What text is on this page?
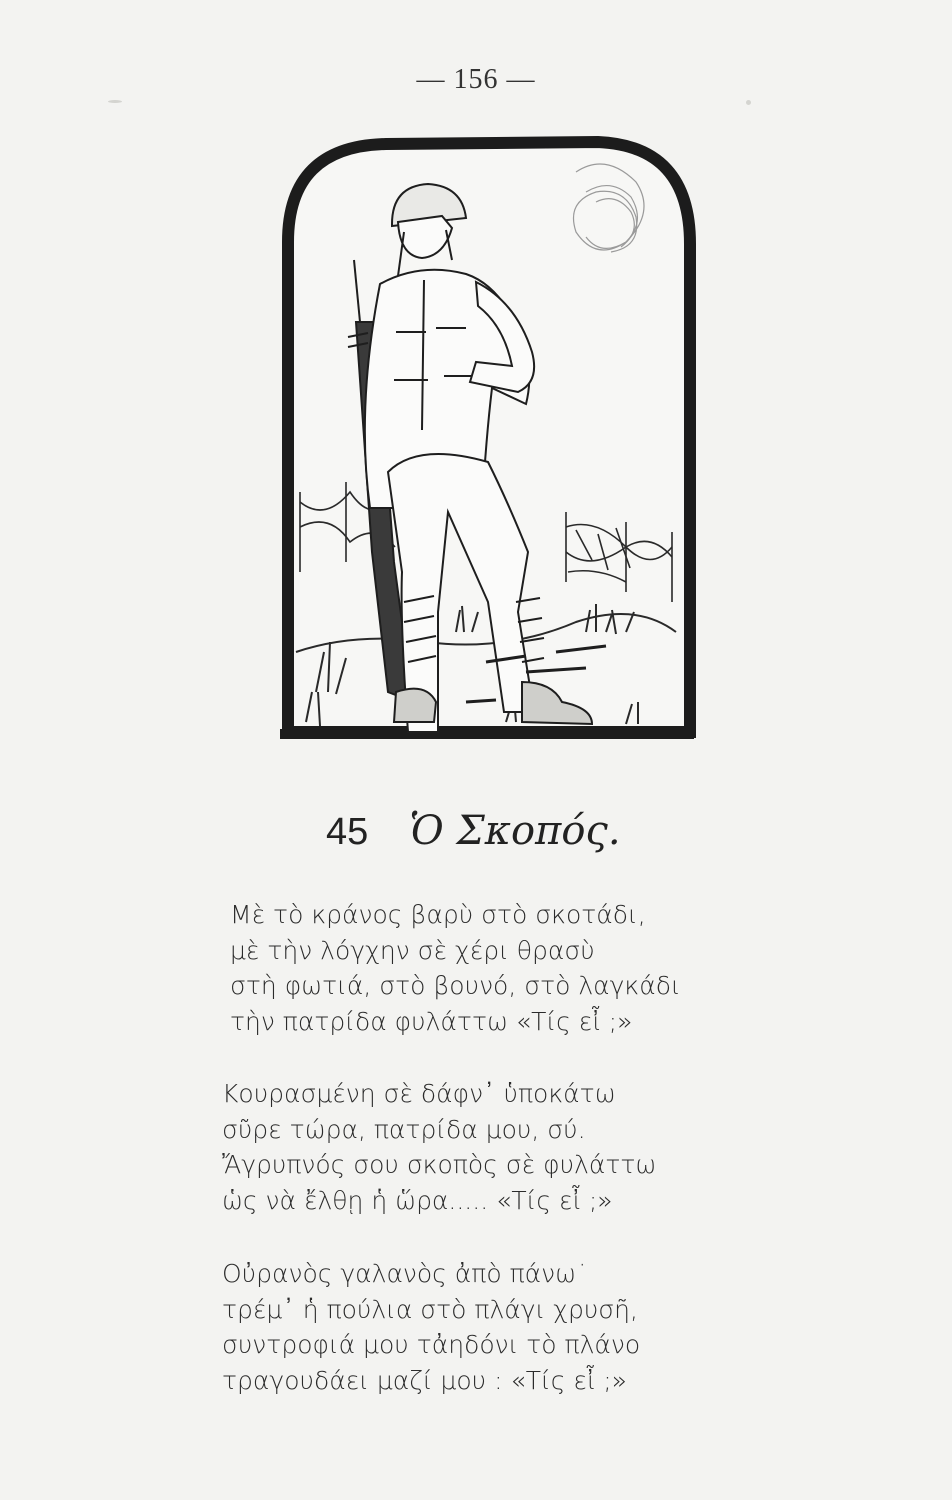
— 156 —
45 Ὁ Σκοπός.
Μὲ τὸ κράνος βαρὺ στὸ σκοτάδι,
μὲ τὴν λόγχην σὲ χέρι θρασὺ
στὴ φωτιά, στὸ βουνό, στὸ λαγκάδι
τὴν πατρίδα φυλάττω «Τίς εἶ ;»
Κουρασμένη σὲ δάφν᾽ ὑποκάτω
σῦρε τώρα, πατρίδα μου, σύ.
Ἄγρυπνός σου σκοπὸς σὲ φυλάττω
ὡς νὰ ἔλθῃ ἡ ὥρα..... «Τίς εἶ ;»
Οὐρανὸς γαλανὸς ἀπὸ πάνω˙
τρέμ᾽ ἡ πούλια στὸ πλάγι χρυσῆ,
συντροφιά μου τἀηδόνι τὸ πλάνο
τραγουδάει μαζί μου : «Τίς εἶ ;»
